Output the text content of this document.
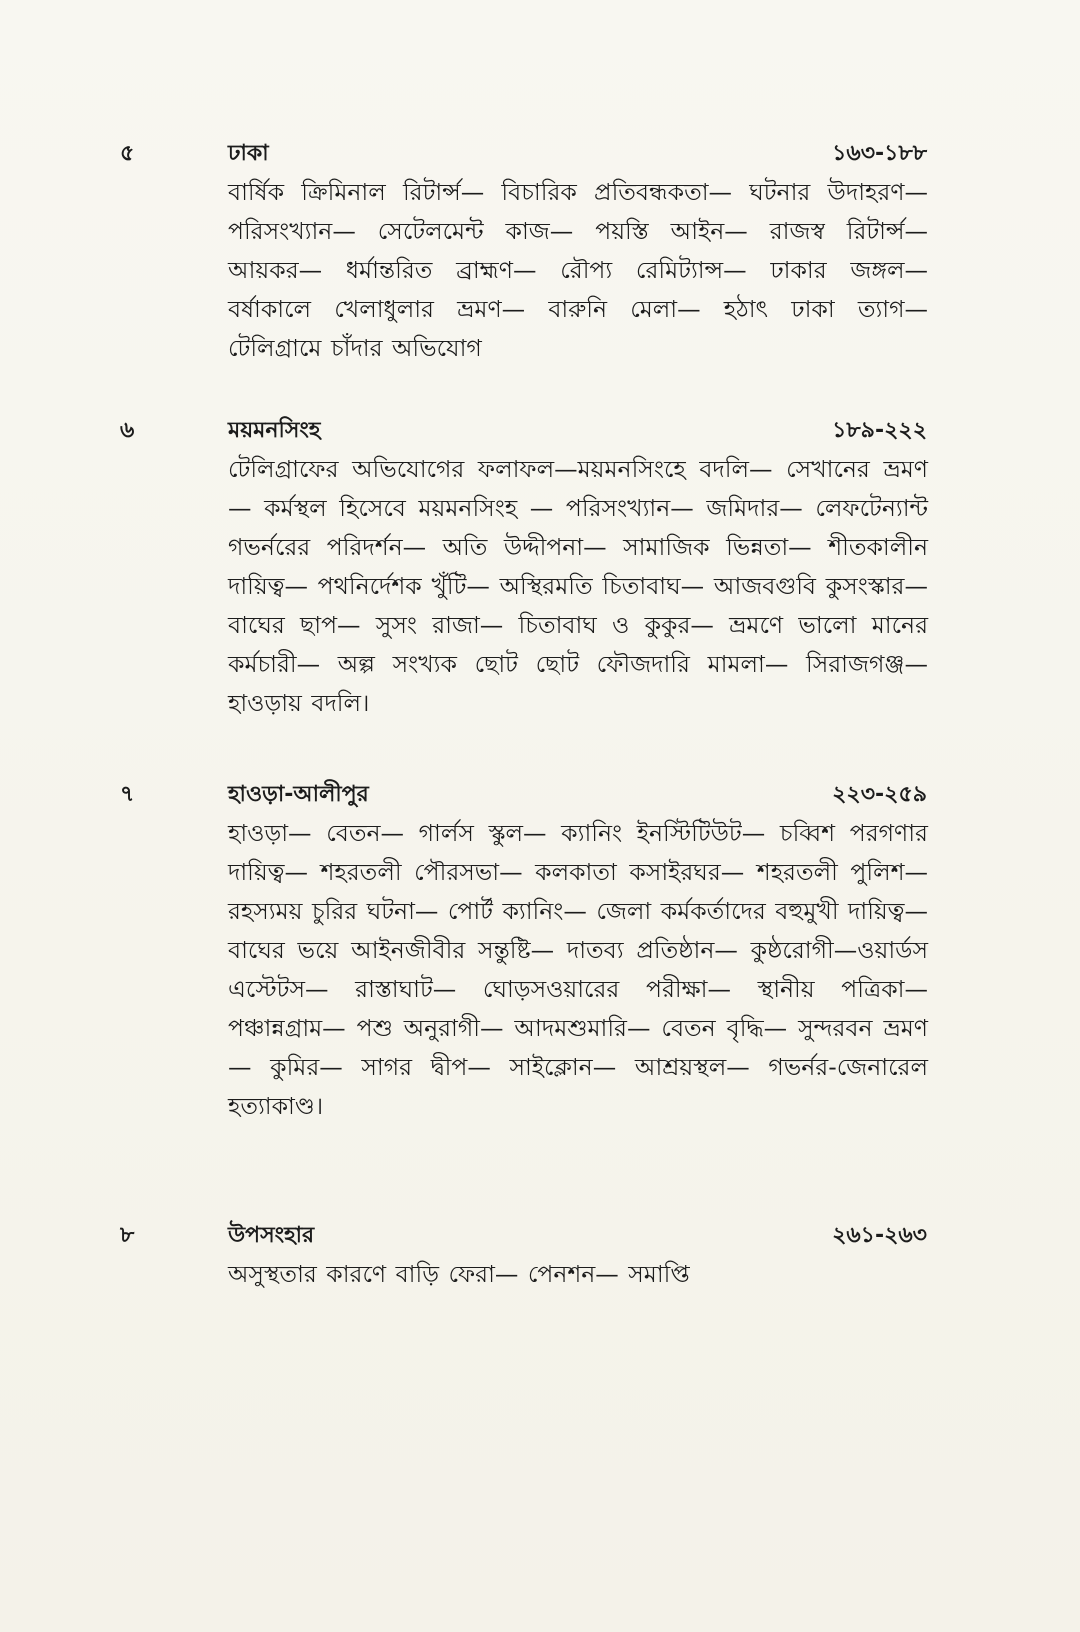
৫	ঢাকা	১৬৩-১৮৮

বার্ষিক ক্রিমিনাল রিটার্ন্স— বিচারিক প্রতিবন্ধকতা— ঘটনার উদাহরণ— পরিসংখ্যান— সেটেলমেন্ট কাজ— পয়স্তি আইন— রাজস্ব রিটার্ন্স— আয়কর— ধর্মান্তরিত ব্রাহ্মণ— রৌপ্য রেমিট্যান্স— ঢাকার জঙ্গল— বর্ষাকালে খেলাধুলার ভ্রমণ— বারুনি মেলা— হঠাৎ ঢাকা ত্যাগ— টেলিগ্রামে চাঁদার অভিযোগ

৬	ময়মনসিংহ	১৮৯-২২২

টেলিগ্রাফের অভিযোগের ফলাফল—ময়মনসিংহে বদলি— সেখানের ভ্রমণ— কর্মস্থল হিসেবে ময়মনসিংহ — পরিসংখ্যান— জমিদার— লেফটেন্যান্ট গভর্নরের পরিদর্শন— অতি উদ্দীপনা— সামাজিক ভিন্নতা— শীতকালীন দায়িত্ব— পথনির্দেশক খুঁটি— অস্থিরমতি চিতাবাঘ— আজবগুবি কুসংস্কার— বাঘের ছাপ— সুসং রাজা— চিতাবাঘ ও কুকুর— ভ্রমণে ভালো মানের কর্মচারী— অল্প সংখ্যক ছোট ছোট ফৌজদারি মামলা— সিরাজগঞ্জ— হাওড়ায় বদলি।

৭	হাওড়া-আলীপুর	২২৩-২৫৯

হাওড়া— বেতন— গার্লস স্কুল— ক্যানিং ইনস্টিটিউট— চব্বিশ পরগণার দায়িত্ব— শহরতলী পৌরসভা— কলকাতা কসাইরঘর— শহরতলী পুলিশ— রহস্যময় চুরির ঘটনা— পোর্ট ক্যানিং— জেলা কর্মকর্তাদের বহুমুখী দায়িত্ব— বাঘের ভয়ে আইনজীবীর সন্তুষ্টি— দাতব্য প্রতিষ্ঠান— কুষ্ঠরোগী—ওয়ার্ডস এস্টেটস— রাস্তাঘাট— ঘোড়সওয়ারের পরীক্ষা— স্থানীয় পত্রিকা— পঞ্চান্নগ্রাম— পশু অনুরাগী— আদমশুমারি— বেতন বৃদ্ধি— সুন্দরবন ভ্রমণ— কুমির— সাগর দ্বীপ— সাইক্লোন— আশ্রয়স্থল— গভর্নর-জেনারেল হত্যাকাণ্ড।

৮	উপসংহার	২৬১-২৬৩

অসুস্থতার কারণে বাড়ি ফেরা— পেনশন— সমাপ্তি
